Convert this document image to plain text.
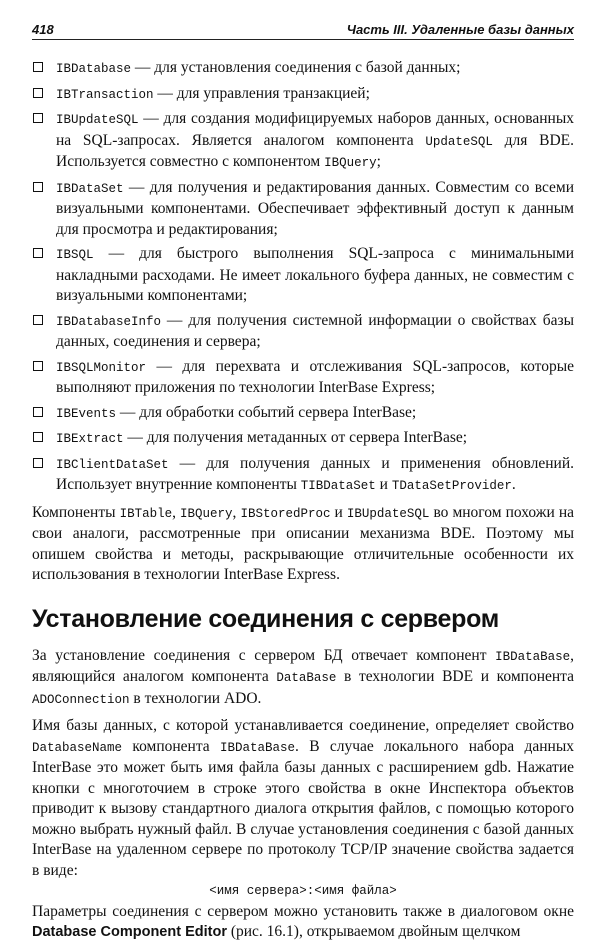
418	Часть III. Удаленные базы данных
IBDatabase — для установления соединения с базой данных;
IBTransaction — для управления транзакцией;
IBUpdateSQL — для создания модифицируемых наборов данных, основанных на SQL-запросах. Является аналогом компонента UpdateSQL для BDE. Используется совместно с компонентом IBQuery;
IBDataSet — для получения и редактирования данных. Совместим со всеми визуальными компонентами. Обеспечивает эффективный доступ к данным для просмотра и редактирования;
IBSQL — для быстрого выполнения SQL-запроса с минимальными накладными расходами. Не имеет локального буфера данных, не совместим с визуальными компонентами;
IBDatabaseInfo — для получения системной информации о свойствах базы данных, соединения и сервера;
IBSQLMonitor — для перехвата и отслеживания SQL-запросов, которые выполняют приложения по технологии InterBase Express;
IBEvents — для обработки событий сервера InterBase;
IBExtract — для получения метаданных от сервера InterBase;
IBClientDataSet — для получения данных и применения обновлений. Использует внутренние компоненты TIBDataSet и TDataSetProvider.

Компоненты IBTable, IBQuery, IBStoredProc и IBUpdateSQL во многом похожи на свои аналоги, рассмотренные при описании механизма BDE. Поэтому мы опишем свойства и методы, раскрывающие отличительные особенности их использования в технологии InterBase Express.

Установление соединения с сервером

За установление соединения с сервером БД отвечает компонент IBDataBase, являющийся аналогом компонента DataBase в технологии BDE и компонента ADOConnection в технологии ADO.

Имя базы данных, с которой устанавливается соединение, определяет свойство DatabaseName компонента IBDataBase. В случае локального набора данных InterBase это может быть имя файла базы данных с расширением gdb. Нажатие кнопки с многоточием в строке этого свойства в окне Инспектора объектов приводит к вызову стандартного диалога открытия файлов, с помощью которого можно выбрать нужный файл. В случае установления соединения с базой данных InterBase на удаленном сервере по протоколу TCP/IP значение свойства задается в виде:

<имя сервера>:<имя файла>

Параметры соединения с сервером можно установить также в диалоговом окне Database Component Editor (рис. 16.1), открываемом двойным щелчком
